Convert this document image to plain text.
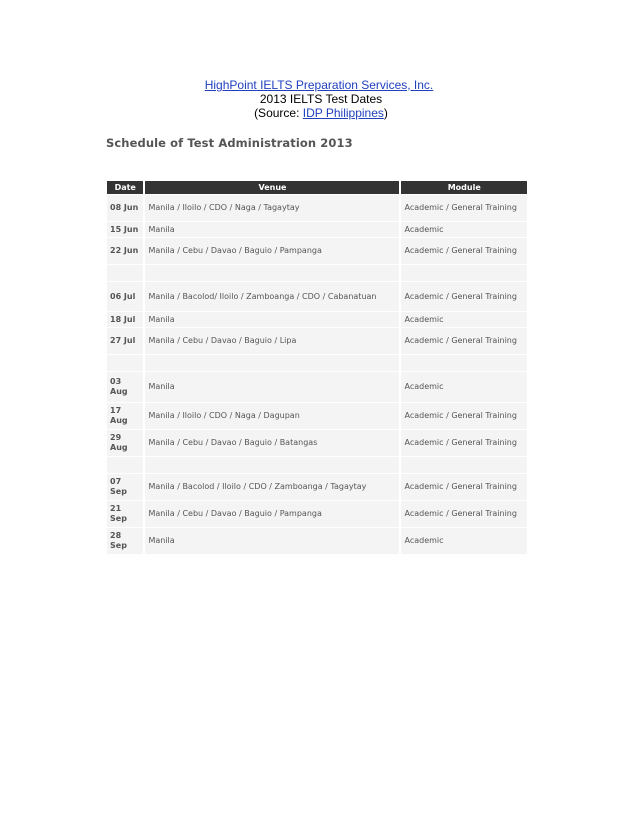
HighPoint IELTS Preparation Services, Inc.
2013 IELTS Test Dates
(Source: IDP Philippines)
Schedule of Test Administration 2013
Date	Venue	Module
08 Jun	Manila / Iloilo / CDO / Naga / Tagaytay	Academic / General Training
15 Jun	Manila	Academic
22 Jun	Manila / Cebu / Davao / Baguio / Pampanga	Academic / General Training

06 Jul	Manila / Bacolod/ Iloilo / Zamboanga / CDO / Cabanatuan	Academic / General Training
18 Jul	Manila	Academic
27 Jul	Manila / Cebu / Davao / Baguio / Lipa	Academic / General Training

03 Aug	Manila	Academic
17 Aug	Manila / Iloilo / CDO / Naga / Dagupan	Academic / General Training
29 Aug	Manila / Cebu / Davao / Baguio / Batangas	Academic / General Training

07 Sep	Manila / Bacolod / Iloilo / CDO / Zamboanga / Tagaytay	Academic / General Training
21 Sep	Manila / Cebu / Davao / Baguio / Pampanga	Academic / General Training
28 Sep	Manila	Academic
